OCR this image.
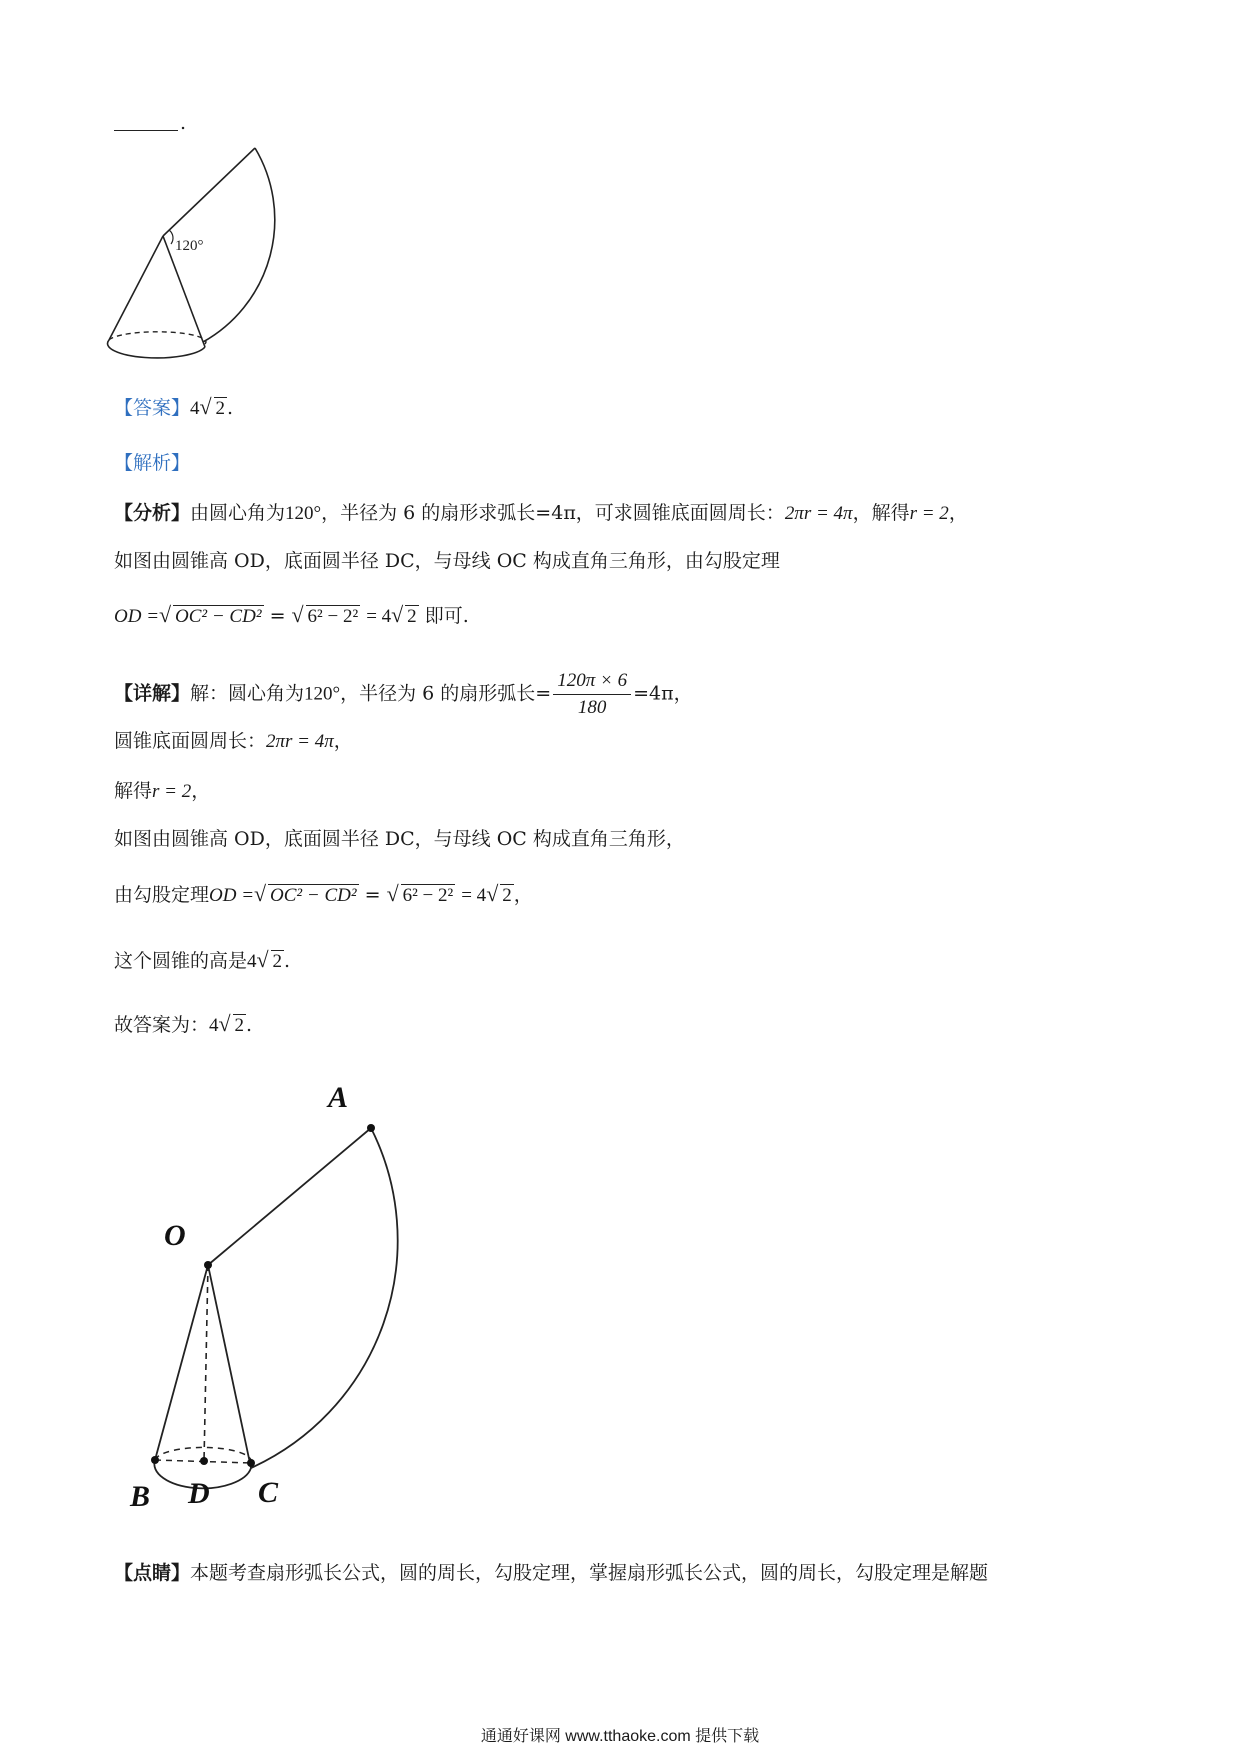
.
120°
【答案】4 √ 2 .
【解析】
【分析】由圆心角为120°，半径为 6 的扇形求弧长=4π，可求圆锥底面圆周长：2πr = 4π，解得r = 2，
如图由圆锥高 OD，底面圆半径 DC，与母线 OC 构成直角三角形，由勾股定理
OD = √ OC² − CD² = √ 6² − 2² = 4 √ 2 即可.
【详解】解：圆心角为120°，半径为 6 的扇形弧长= $\frac{120\pi \times 6}{180} =4\pi$，
圆锥底面圆周长：2πr = 4π，
解得r = 2，
如图由圆锥高 OD，底面圆半径 DC，与母线 OC 构成直角三角形，
由勾股定理OD = √ OC² − CD² = √ 6² − 2² = 4 √ 2 ，
这个圆锥的高是4 √ 2 .
故答案为：4 √ 2 .
A
O
B D C
【点睛】本题考查扇形弧长公式，圆的周长，勾股定理，掌握扇形弧长公式，圆的周长，勾股定理是解题
通通好课网 www.tthaoke.com 提供下载
